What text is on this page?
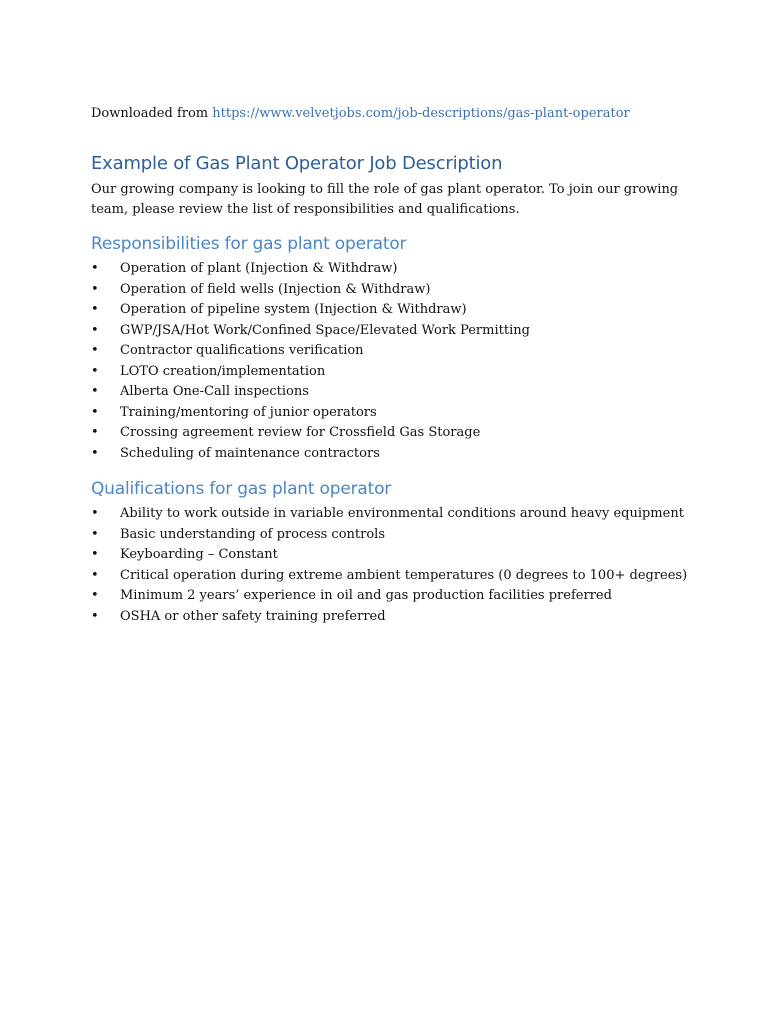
Downloaded from https://www.velvetjobs.com/job-descriptions/gas-plant-operator

Example of Gas Plant Operator Job Description

Our growing company is looking to fill the role of gas plant operator. To join our growing team, please review the list of responsibilities and qualifications.

Responsibilities for gas plant operator
•	Operation of plant (Injection & Withdraw)
•	Operation of field wells (Injection & Withdraw)
•	Operation of pipeline system (Injection & Withdraw)
•	GWP/JSA/Hot Work/Confined Space/Elevated Work Permitting
•	Contractor qualifications verification
•	LOTO creation/implementation
•	Alberta One-Call inspections
•	Training/mentoring of junior operators
•	Crossing agreement review for Crossfield Gas Storage
•	Scheduling of maintenance contractors
Qualifications for gas plant operator
•	Ability to work outside in variable environmental conditions around heavy equipment
•	Basic understanding of process controls
•	Keyboarding – Constant
•	Critical operation during extreme ambient temperatures (0 degrees to 100+ degrees)
•	Minimum 2 years’ experience in oil and gas production facilities preferred
•	OSHA or other safety training preferred
